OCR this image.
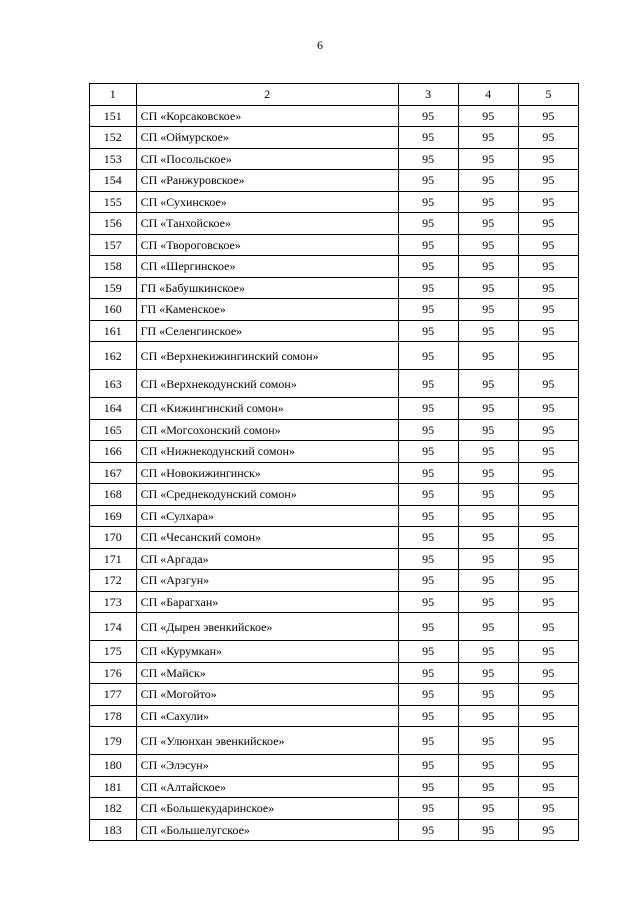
6
1	2	3	4	5
151	СП «Корсаковское»	95	95	95
152	СП «Оймурское»	95	95	95
153	СП «Посольское»	95	95	95
154	СП «Ранжуровское»	95	95	95
155	СП «Сухинское»	95	95	95
156	СП «Танхойское»	95	95	95
157	СП «Твороговское»	95	95	95
158	СП «Шергинское»	95	95	95
159	ГП «Бабушкинское»	95	95	95
160	ГП «Каменское»	95	95	95
161	ГП «Селенгинское»	95	95	95
162	СП «Верхнекижингинский сомон»	95	95	95
163	СП «Верхнекодунский сомон»	95	95	95
164	СП «Кижингинский сомон»	95	95	95
165	СП «Могсохонский сомон»	95	95	95
166	СП «Нижнекодунский сомон»	95	95	95
167	СП «Новокижингинск»	95	95	95
168	СП «Среднекодунский сомон»	95	95	95
169	СП «Сулхара»	95	95	95
170	СП «Чесанский сомон»	95	95	95
171	СП «Аргада»	95	95	95
172	СП «Арзгун»	95	95	95
173	СП «Барагхан»	95	95	95
174	СП «Дырен эвенкийское»	95	95	95
175	СП «Курумкан»	95	95	95
176	СП «Майск»	95	95	95
177	СП «Могойто»	95	95	95
178	СП «Сахули»	95	95	95
179	СП «Улюнхан эвенкийское»	95	95	95
180	СП «Элэсун»	95	95	95
181	СП «Алтайское»	95	95	95
182	СП «Большекударинское»	95	95	95
183	СП «Большелугское»	95	95	95
